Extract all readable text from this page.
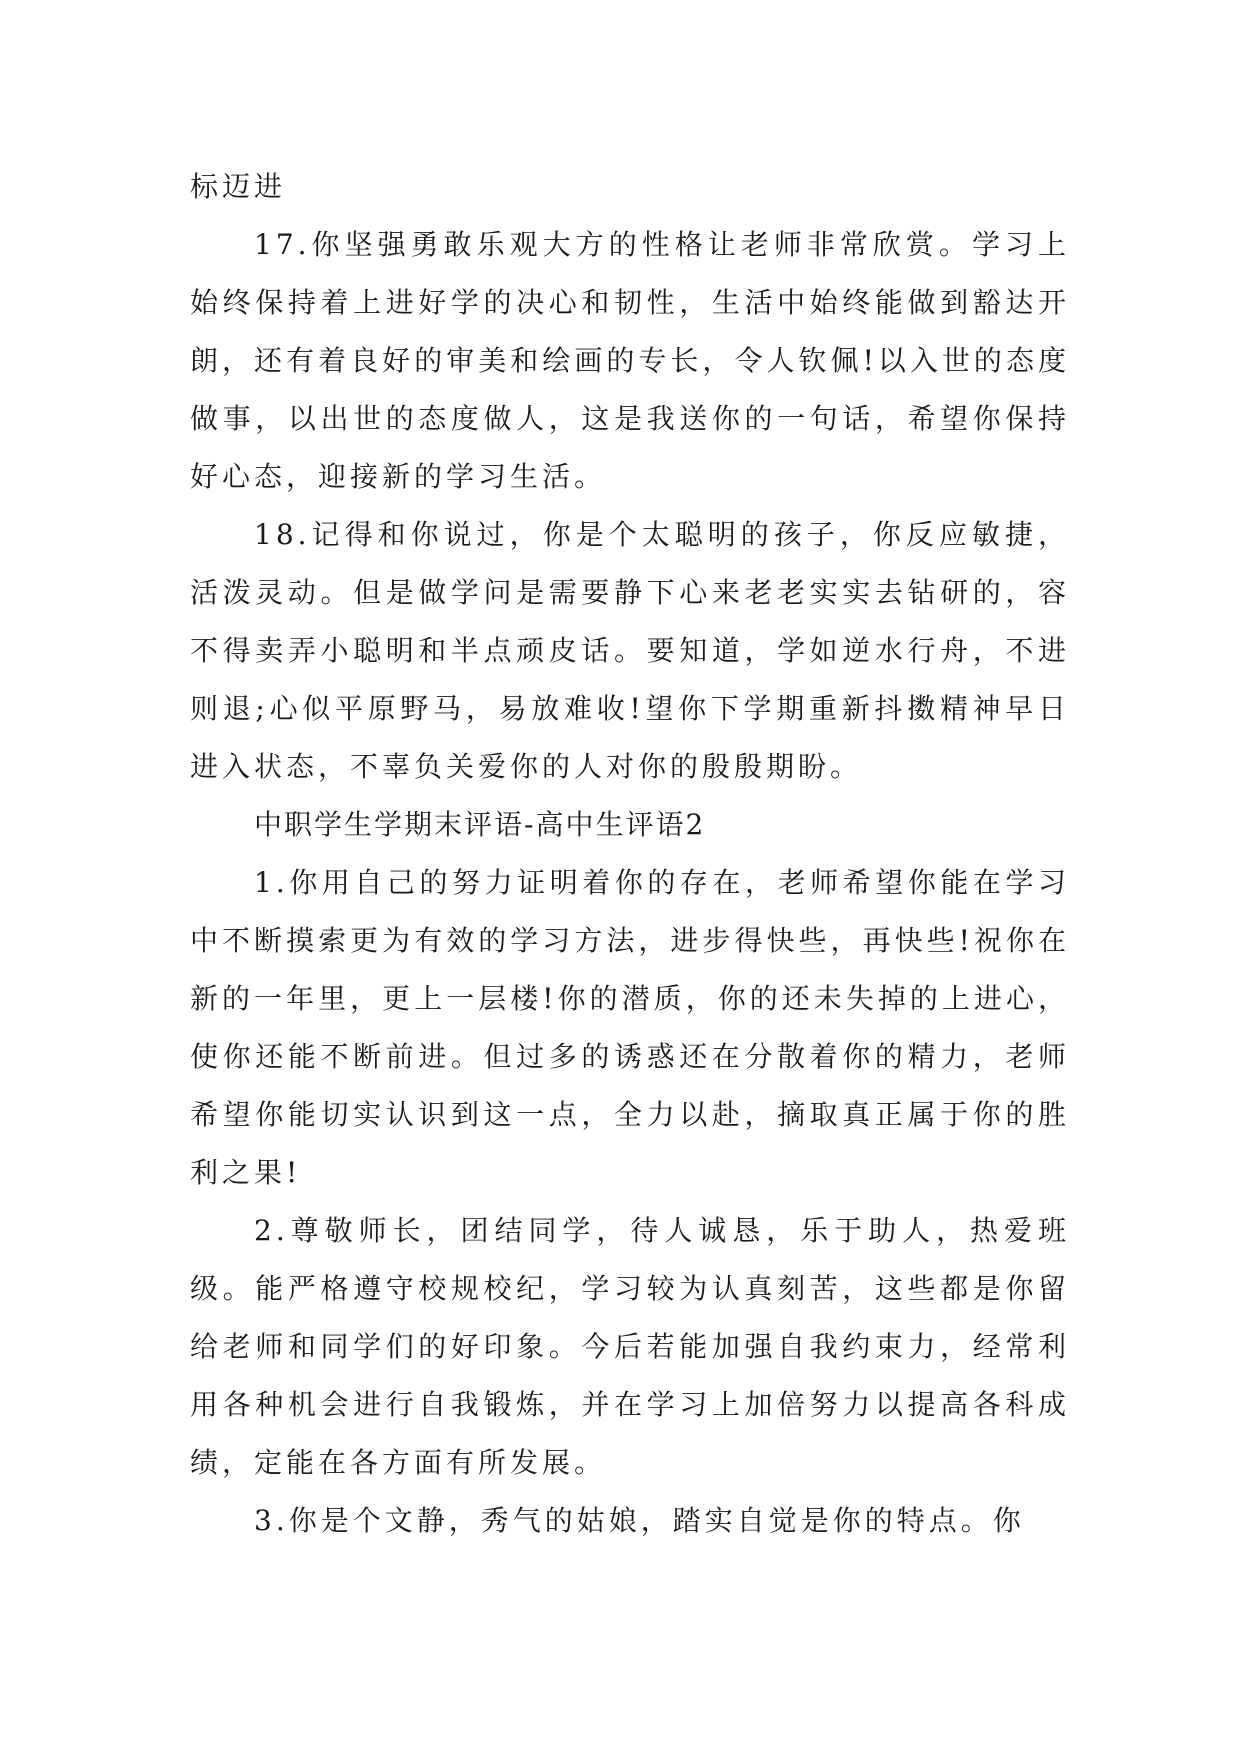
标迈进

17.你坚强勇敢乐观大方的性格让老师非常欣赏。学习上始终保持着上进好学的决心和韧性，生活中始终能做到豁达开朗，还有着良好的审美和绘画的专长，令人钦佩!以入世的态度做事，以出世的态度做人，这是我送你的一句话，希望你保持好心态，迎接新的学习生活。

18.记得和你说过，你是个太聪明的孩子，你反应敏捷，活泼灵动。但是做学问是需要静下心来老老实实去钻研的，容不得卖弄小聪明和半点顽皮话。要知道，学如逆水行舟，不进则退;心似平原野马，易放难收!望你下学期重新抖擞精神早日进入状态，不辜负关爱你的人对你的殷殷期盼。

中职学生学期末评语-高中生评语2

1.你用自己的努力证明着你的存在，老师希望你能在学习中不断摸索更为有效的学习方法，进步得快些，再快些!祝你在新的一年里，更上一层楼!你的潜质，你的还未失掉的上进心，使你还能不断前进。但过多的诱惑还在分散着你的精力，老师希望你能切实认识到这一点，全力以赴，摘取真正属于你的胜利之果!

2.尊敬师长，团结同学，待人诚恳，乐于助人，热爱班级。能严格遵守校规校纪，学习较为认真刻苦，这些都是你留给老师和同学们的好印象。今后若能加强自我约束力，经常利用各种机会进行自我锻炼，并在学习上加倍努力以提高各科成绩，定能在各方面有所发展。

3.你是个文静，秀气的姑娘，踏实自觉是你的特点。你
